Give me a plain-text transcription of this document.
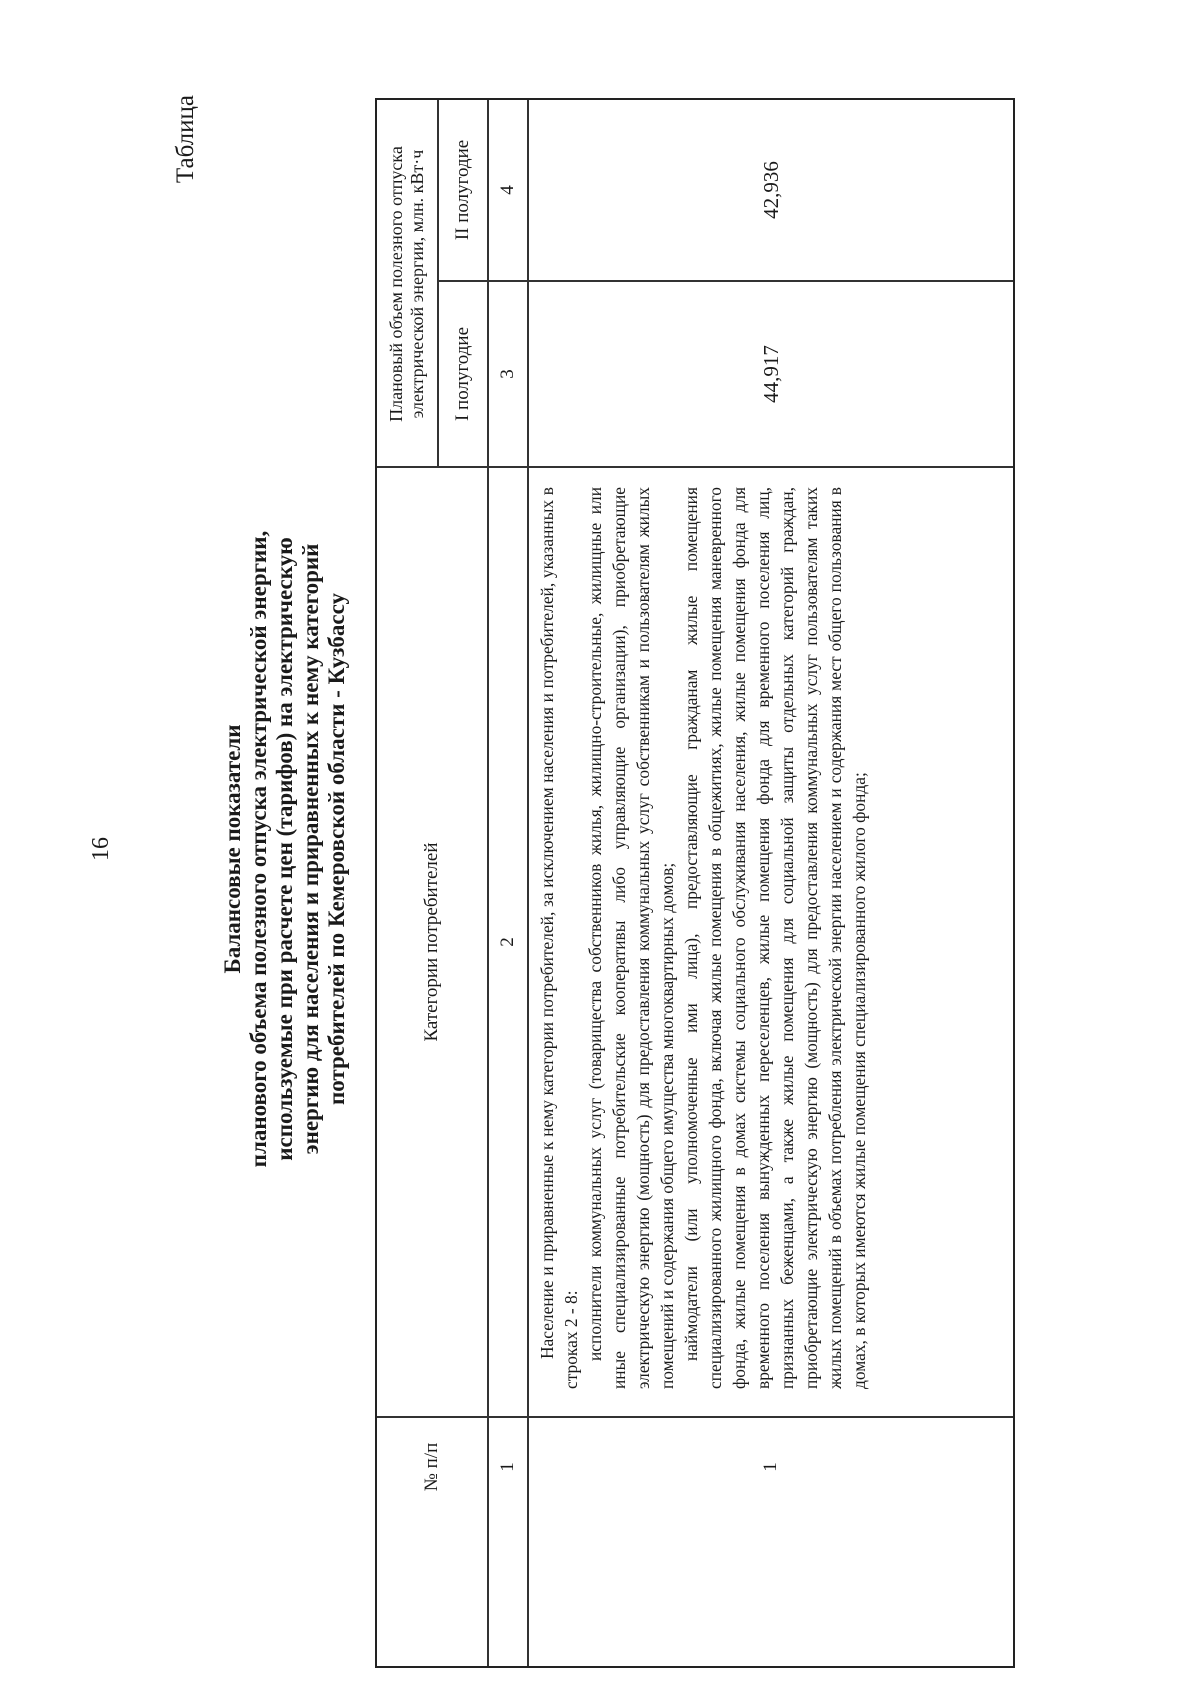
16
Таблица
Балансовые показатели планового объема полезного отпуска электрической энергии, используемые при расчете цен (тарифов) на электрическую энергию для населения и приравненных к нему категорий потребителей по Кемеровской области - Кузбассу
№ п/п
Категории потребителей
Плановый объем полезного отпуска электрической энергии, млн. кВт·ч	I полугодие
II полугодие
1
2
3
4
1

Население и приравненные к нему категории потребителей, за исключением населения и потребителей, указанных в строках 2 - 8: исполнители коммунальных услуг (товарищества собственников жилья, жилищно-строительные, жилищные или иные специализированные потребительские кооперативы либо управляющие организации), приобретающие электрическую энергию (мощность) для предоставления коммунальных услуг собственникам и пользователям жилых помещений и содержания общего имущества многоквартирных домов; наймодатели (или уполномоченные ими лица), предоставляющие гражданам жилые помещения специализированного жилищного фонда, включая жилые помещения в общежитиях, жилые помещения маневренного фонда, жилые помещения в домах системы социального обслуживания населения, жилые помещения фонда для временного поселения вынужденных переселенцев, жилые помещения фонда для временного поселения лиц, признанных беженцами, а также жилые помещения для социальной защиты отдельных категорий граждан, приобретающие электрическую энергию (мощность) для предоставления коммунальных услуг пользователям таких жилых помещений в объемах потребления электрической энергии населением и содержания мест общего пользования в домах, в которых имеются жилые помещения специализированного жилого фонда;

44,917
42,936
